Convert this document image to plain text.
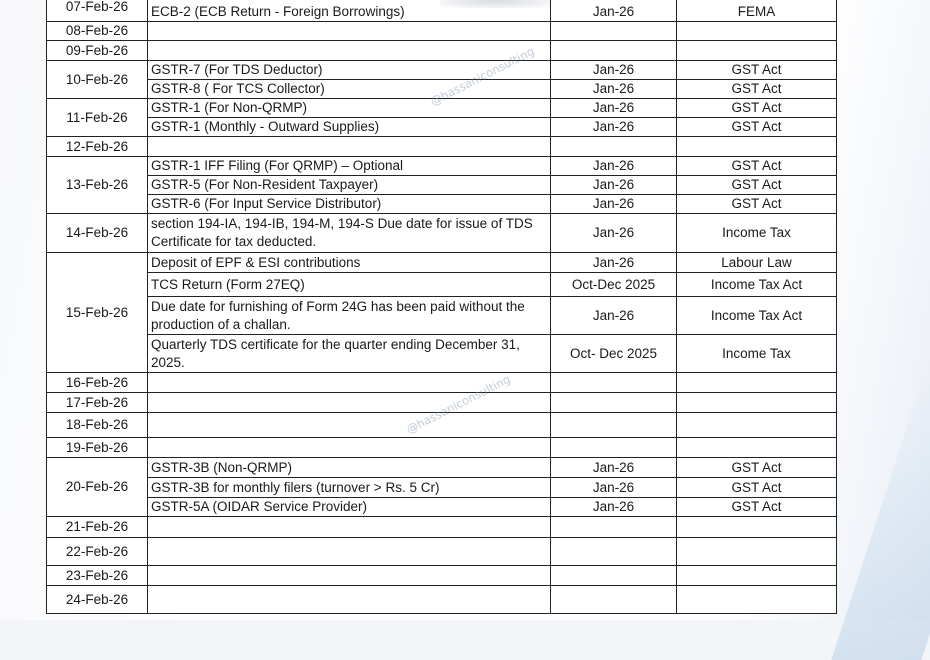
07-Feb-26	ECB-2 (ECB Return - Foreign Borrowings)	Jan-26	FEMA
08-Feb-26			
09-Feb-26			
10-Feb-26	GSTR-7 (For TDS Deductor)	Jan-26	GST Act
	GSTR-8 ( For TCS Collector)	Jan-26	GST Act
11-Feb-26	GSTR-1 (For Non-QRMP)	Jan-26	GST Act
	GSTR-1 (Monthly - Outward Supplies)	Jan-26	GST Act
12-Feb-26			
13-Feb-26	GSTR-1 IFF Filing (For QRMP) – Optional	Jan-26	GST Act
	GSTR-5 (For Non-Resident Taxpayer)	Jan-26	GST Act
	GSTR-6 (For Input Service Distributor)	Jan-26	GST Act
14-Feb-26	section 194-IA, 194-IB, 194-M, 194-S Due date for issue of TDS Certificate for tax deducted.	Jan-26	Income Tax
15-Feb-26	Deposit of EPF & ESI contributions	Jan-26	Labour Law
	TCS Return (Form 27EQ)	Oct-Dec 2025	Income Tax Act
	Due date for furnishing of Form 24G has been paid without the production of a challan.	Jan-26	Income Tax Act
	Quarterly TDS certificate for the quarter ending December 31, 2025.	Oct- Dec 2025	Income Tax
16-Feb-26			
17-Feb-26			
18-Feb-26			
19-Feb-26			
20-Feb-26	GSTR-3B (Non-QRMP)	Jan-26	GST Act
	GSTR-3B for monthly filers (turnover > Rs. 5 Cr)	Jan-26	GST Act
	GSTR-5A (OIDAR Service Provider)	Jan-26	GST Act
21-Feb-26			
22-Feb-26			
23-Feb-26			
24-Feb-26			
@hassaniconsulting
@hassaniconsulting
